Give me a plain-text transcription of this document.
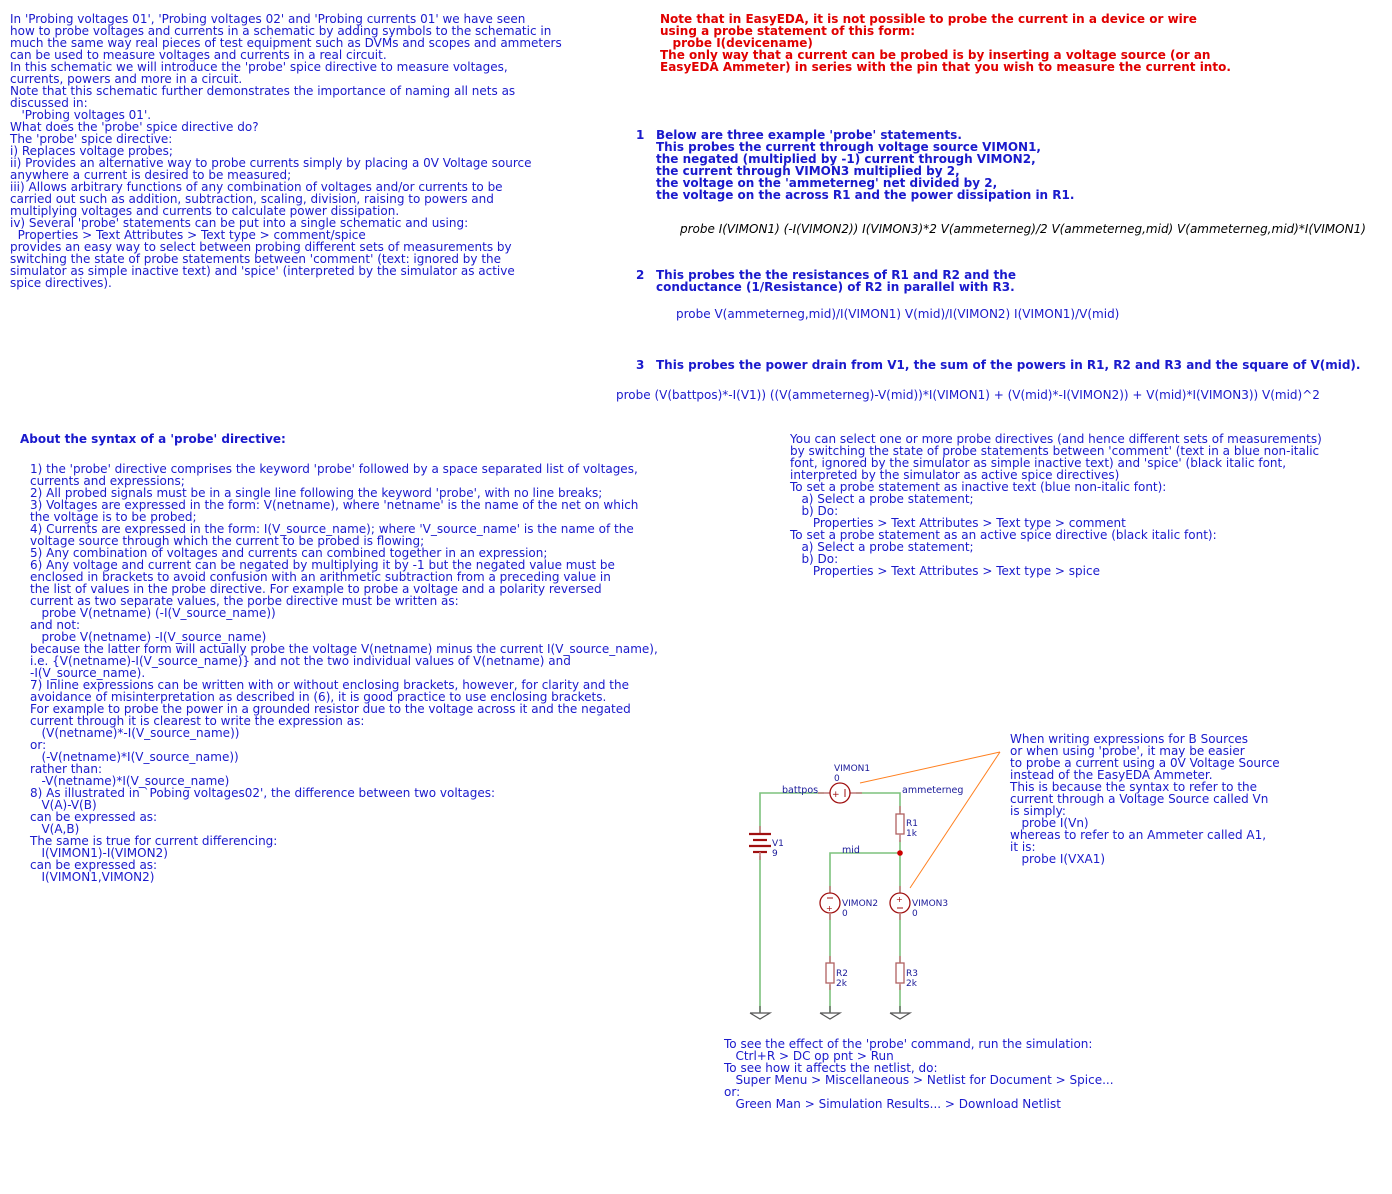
In 'Probing voltages 01', 'Probing voltages 02' and 'Probing currents 01' we have seen
how to probe voltages and currents in a schematic by adding symbols to the schematic in
much the same way real pieces of test equipment such as DVMs and scopes and ammeters
can be used to measure voltages and currents in a real circuit.
In this schematic we will introduce the 'probe' spice directive to measure voltages,
currents, powers and more in a circuit.
Note that this schematic further demonstrates the importance of naming all nets as
discussed in:
'Probing voltages 01'.
What does the 'probe' spice directive do?
The 'probe' spice directive:
i) Replaces voltage probes;
ii) Provides an alternative way to probe currents simply by placing a 0V Voltage source
anywhere a current is desired to be measured;
iii) Allows arbitrary functions of any combination of voltages and/or currents to be
carried out such as addition, subtraction, scaling, division, raising to powers and
multiplying voltages and currents to calculate power dissipation.
iv) Several 'probe' statements can be put into a single schematic and using:
Properties > Text Attributes > Text type > comment/spice
provides an easy way to select between probing different sets of measurements by
switching the state of probe statements between 'comment' (text: ignored by the
simulator as simple inactive text) and 'spice' (interpreted by the simulator as active
spice directives).
Note that in EasyEDA, it is not possible to probe the current in a device or wire
using a probe statement of this form:
probe I(devicename)
The only way that a current can be probed is by inserting a voltage source (or an
EasyEDA Ammeter) in series with the pin that you wish to measure the current into.
1 Below are three example 'probe' statements.
This probes the current through voltage source VIMON1,
the negated (multiplied by -1) current through VIMON2,
the current through VIMON3 multiplied by 2,
the voltage on the 'ammeterneg' net divided by 2,
the voltage on the across R1 and the power dissipation in R1.
probe I(VIMON1) (-I(VIMON2)) I(VIMON3)*2 V(ammeterneg)/2 V(ammeterneg,mid) V(ammeterneg,mid)*I(VIMON1)
2 This probes the the resistances of R1 and R2 and the
conductance (1/Resistance) of R2 in parallel with R3.
probe V(ammeterneg,mid)/I(VIMON1) V(mid)/I(VIMON2) I(VIMON1)/V(mid)
3 This probes the power drain from V1, the sum of the powers in R1, R2 and R3 and the square of V(mid).
probe (V(battpos)*-I(V1)) ((V(ammeterneg)-V(mid))*I(VIMON1) + (V(mid)*-I(VIMON2)) + V(mid)*I(VIMON3)) V(mid)^2
About the syntax of a 'probe' directive:
1) the 'probe' directive comprises the keyword 'probe' followed by a space separated list of voltages,
currents and expressions;
2) All probed signals must be in a single line following the keyword 'probe', with no line breaks;
3) Voltages are expressed in the form: V(netname), where 'netname' is the name of the net on which
the voltage is to be probed;
4) Currents are expressed in the form: I(V_source_name); where 'V_source_name' is the name of the
voltage source through which the current to be probed is flowing;
5) Any combination of voltages and currents can combined together in an expression;
6) Any voltage and current can be negated by multiplying it by -1 but the negated value must be
enclosed in brackets to avoid confusion with an arithmetic subtraction from a preceding value in
the list of values in the probe directive. For example to probe a voltage and a polarity reversed
current as two separate values, the porbe directive must be written as:
probe V(netname) (-I(V_source_name))
and not:
probe V(netname) -I(V_source_name)
because the latter form will actually probe the voltage V(netname) minus the current I(V_source_name),
i.e. {V(netname)-I(V_source_name)} and not the two individual values of V(netname) and
-I(V_source_name).
7) Inline expressions can be written with or without enclosing brackets, however, for clarity and the
avoidance of misinterpretation as described in (6), it is good practice to use enclosing brackets.
For example to probe the power in a grounded resistor due to the voltage across it and the negated
current through it is clearest to write the expression as:
(V(netname)*-I(V_source_name))
or:
(-V(netname)*I(V_source_name))
rather than:
-V(netname)*I(V_source_name)
8) As illustrated in `Pobing voltages02', the difference between two voltages:
V(A)-V(B)
can be expressed as:
V(A,B)
The same is true for current differencing:
I(VIMON1)-I(VIMON2)
can be expressed as:
I(VIMON1,VIMON2)
You can select one or more probe directives (and hence different sets of measurements)
by switching the state of probe statements between 'comment' (text in a blue non-italic
font, ignored by the simulator as simple inactive text) and 'spice' (black italic font,
interpreted by the simulator as active spice directives)
To set a probe statement as inactive text (blue non-italic font):
a) Select a probe statement;
b) Do:
Properties > Text Attributes > Text type > comment
To set a probe statement as an active spice directive (black italic font):
a) Select a probe statement;
b) Do:
Properties > Text Attributes > Text type > spice
When writing expressions for B Sources
or when using 'probe', it may be easier
to probe a current using a 0V Voltage Source
instead of the EasyEDA Ammeter.
This is because the syntax to refer to the
current through a Voltage Source called Vn
is simply:
probe I(Vn)
whereas to refer to an Ammeter called A1,
it is:
probe I(VXA1)
To see the effect of the 'probe' command, run the simulation:
Ctrl+R > DC op pnt > Run
To see how it affects the netlist, do:
Super Menu > Miscellaneous > Netlist for Document > Spice...
or:
Green Man > Simulation Results... > Download Netlist
battpos	ammeterneg
mid
V1
9
+
VIMON1
0
R1
1k
+ VIMON2
0
+ VIMON3
0
R2
2k
R3
2k
